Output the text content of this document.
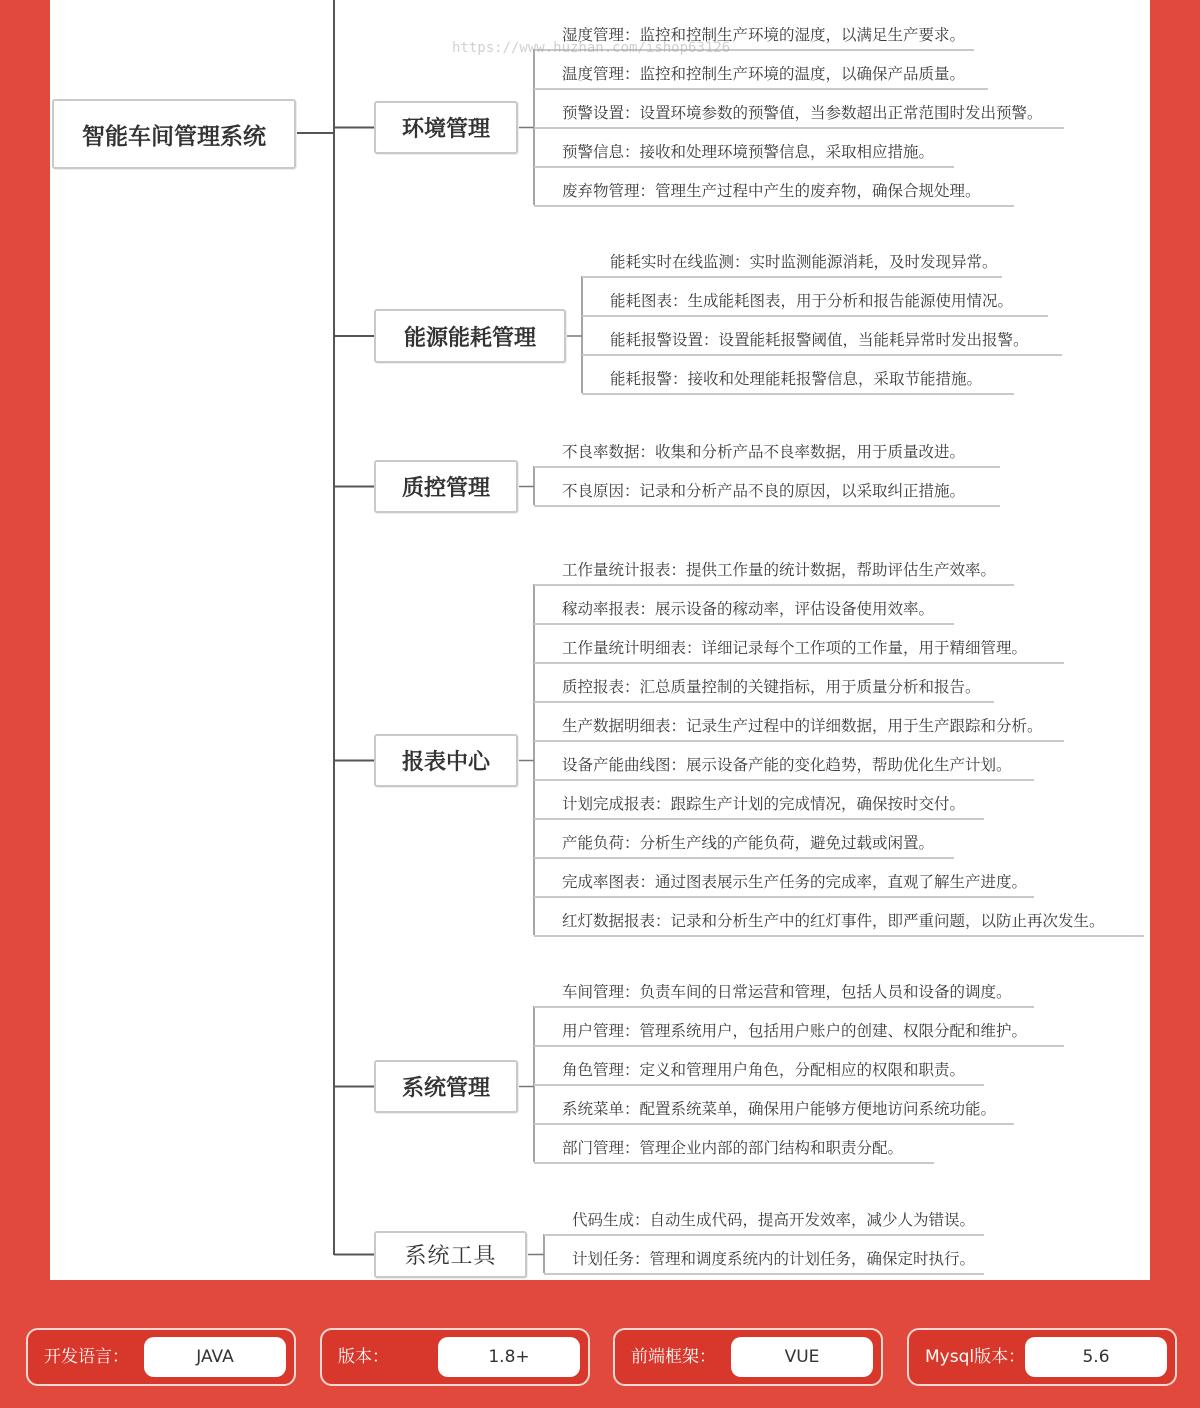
https://www.huzhan.com/ishop63126
智能车间管理系统	环境管理
湿度管理：监控和控制生产环境的湿度，以满足生产要求。
温度管理：监控和控制生产环境的温度，以确保产品质量。
预警设置：设置环境参数的预警值，当参数超出正常范围时发出预警。
预警信息：接收和处理环境预警信息，采取相应措施。
废弃物管理：管理生产过程中产生的废弃物，确保合规处理。
能源能耗管理
能耗实时在线监测：实时监测能源消耗，及时发现异常。
能耗图表：生成能耗图表，用于分析和报告能源使用情况。
能耗报警设置：设置能耗报警阈值，当能耗异常时发出报警。
能耗报警：接收和处理能耗报警信息，采取节能措施。
质控管理
不良率数据：收集和分析产品不良率数据，用于质量改进。
不良原因：记录和分析产品不良的原因，以采取纠正措施。
报表中心
工作量统计报表：提供工作量的统计数据，帮助评估生产效率。
稼动率报表：展示设备的稼动率，评估设备使用效率。
工作量统计明细表：详细记录每个工作项的工作量，用于精细管理。
质控报表：汇总质量控制的关键指标，用于质量分析和报告。
生产数据明细表：记录生产过程中的详细数据，用于生产跟踪和分析。
设备产能曲线图：展示设备产能的变化趋势，帮助优化生产计划。
计划完成报表：跟踪生产计划的完成情况，确保按时交付。
产能负荷：分析生产线的产能负荷，避免过载或闲置。
完成率图表：通过图表展示生产任务的完成率，直观了解生产进度。
红灯数据报表：记录和分析生产中的红灯事件，即严重问题，以防止再次发生。
系统管理
车间管理：负责车间的日常运营和管理，包括人员和设备的调度。
用户管理：管理系统用户，包括用户账户的创建、权限分配和维护。
角色管理：定义和管理用户角色，分配相应的权限和职责。
系统菜单：配置系统菜单，确保用户能够方便地访问系统功能。
部门管理：管理企业内部的部门结构和职责分配。
系统工具
代码生成：自动生成代码，提高开发效率，减少人为错误。
计划任务：管理和调度系统内的计划任务，确保定时执行。
开发语言：	JAVA	版本：	1.8+	前端框架：	VUE	Mysql版本：	5.6
